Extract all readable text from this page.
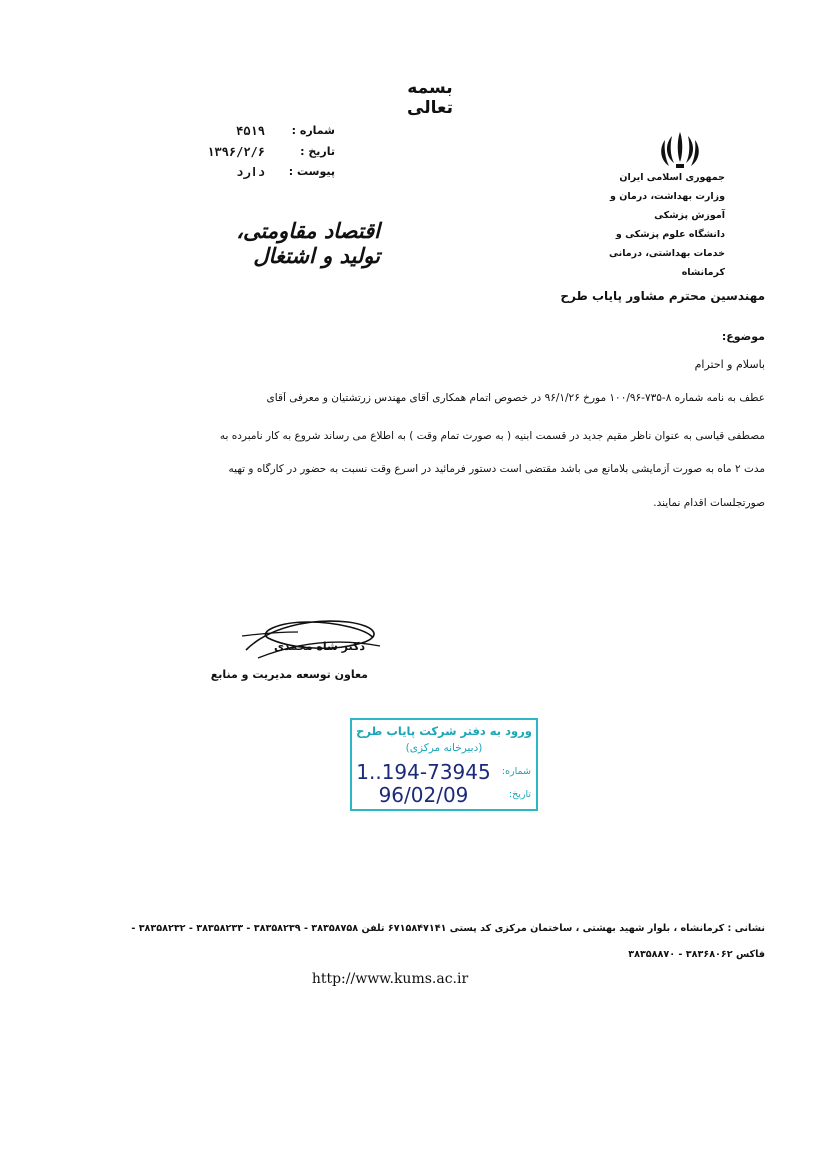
بسمه تعالی
شماره :
۴۵۱۹
تاریخ :
۱۳۹۶/۲/۶
پیوست :
دارد	جمهوری اسلامی ایران
وزارت بهداشت، درمان و آموزش پزشکی
دانشگاه علوم پزشکی و خدمات بهداشتی، درمانی کرمانشاه
اقتصاد مقاومتی، تولید و اشتغال
مهندسین محترم مشاور پایاب طرح
موضوع:
باسلام و احترام
عطف به نامه شماره ۸-۷۳۵-۱۰۰/۹۶ مورخ ۹۶/۱/۲۶ در خصوص اتمام همکاری آقای مهندس زرتشتیان و معرفی آقای
مصطفی قیاسی به عنوان ناظر مقیم جدید در قسمت ابنیه ( به صورت تمام وقت ) به اطلاع می رساند شروع به کار نامبرده به
مدت ۲ ماه به صورت آزمایشی بلامانع می باشد مقتضی است دستور فرمائید در اسرع وقت نسبت به حضور در کارگاه و تهیه
صورتجلسات اقدام نمایند.
دکتر شاه محمدی
معاون توسعه مدیریت و منابع
ورود به دفتر شرکت پایاب طرح
(دبیرخانه مرکزی)
شماره:
1..194-73945
تاریخ:
96/02/09
نشانی : کرمانشاه ، بلوار شهید بهشتی ، ساختمان مرکزی کد پستی ۶۷۱۵۸۴۷۱۴۱ تلفن ۳۸۳۵۸۷۵۸ - ۳۸۳۵۸۲۳۹ - ۳۸۳۵۸۲۳۳ - ۳۸۳۵۸۲۳۲ - فاکس ۳۸۳۶۸۰۶۲ - ۳۸۳۵۸۸۷۰
http://www.kums.ac.ir
